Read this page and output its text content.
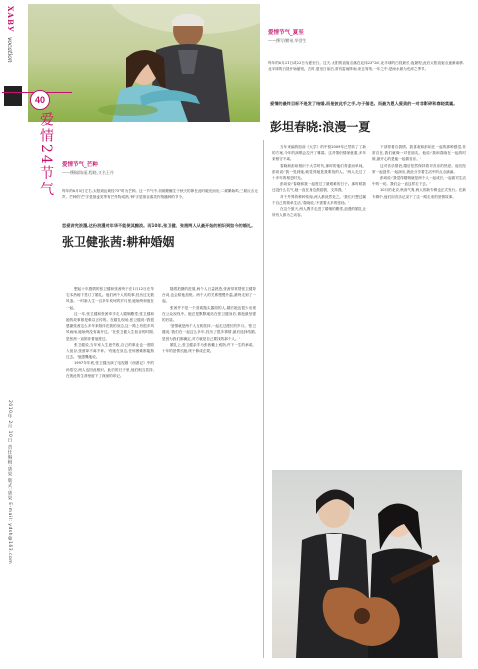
ХАВУ
vocation
40
爱情24节气
爱情节气_夏至
——撰写/鹏弟,华誉生
每年的6月21日或22日为夏至日。这天,太阳的直射点落在北纬23°26′,北半球的白昼最长,夜最短;此后太阳直射点逐渐南移,北半球的白昼开始缩短。古时,夏至日前后,常有雷雨阵雨,来去匆匆,一年之中,是雨水最为充沛之季节。
爱情的最终目标不是发了结婚,而是彼此手之手,与子偕老。而最为恩人爱美的一对非影碎和春晓莫属。
彭坦春晓:浪漫一夏
爱情节气_芒种
——撰稿/陈丽,程晓,又名王丹
每年的6月5日左右,太阳到达黄经75°时为芒种。这一节气中,初候螳螂生于秋天的卵在此时破壳而出;二候鵙始鸣;三候反舌无声。芒种的'芒'字是指麦类等有芒作物成熟,'种'字是指谷黍类作物播种的节令。
恋爱讲究浪漫,这份浪漫对年华不能使其黯淡。而10年,张卫健、张茜两人从最开始的相识到如今的婚礼。
张卫健张茜:耕种婚姻

想起十年感情的张卫健和张茜终于在1月12日在毕宅本热闹下签订了婚礼。他们两个人的故事,经历过无数风浪。一时新人生一百多年坎坷的岁月里,她始终和他在一起。

这一年,张卫健和张茜牵手走入婚姻殿堂,张卫健和她的故事都是难以言传的。在婚礼现场,张卫健说:'我很感谢张茜这么多年来陪伴在我的身边,这一路上有很多风风雨雨,她始终没有离开过。'在张卫健人生低谷的时期,是张茜一直陪伴着他度过。

张卫健说,当年家人生意失败,自己的事业也一度陷入低谷,张茜却不离不弃。'有她在身边,任何困难都能熬过去。'他感慨地说。

1997年年底,张卫健出演了电视剧《西游记》中的孙悟空,两人也因此相识。此后的日子里,他们相互扶持,在彼此的生命里留下了深深的印记。

随着拍摄的进展,两个人日益熟悉,张茜常常帮张卫健背台词,也会陪他加班。两个人的关系慢慢升温,最终走到了一起。

张茜并不是一个喜欢抛头露面的人,婚后她也很少出现在公众视线中。她总是默默地站在张卫健身后,做他最坚强的后盾。

'爱情就是两个人互相扶持,一起走过漫长的岁月。'张卫健说,'我们在一起这么多年,经历了很多事情,最后选择结婚,是因为我们都确定,对方就是自己要找的那个人。'

婚礼上,张卫健亲手为张茜戴上戒指,许下一生的承诺。十年的爱情长跑,终于修成正果。

当年来编的组前《大学》的中锐2009年已然转了了新的方案,今年的演唱会拉开了帷幕。这对情侣情深意重,多年来相守不离。

春晓和彭坦相识于大学时代,那时的他们青涩而单纯。彭坦说:'我一见到她,就觉得她是我要找的人。'两人走过了十多年的相恋时光。

彭坦说:'春晓和我一起度过了最艰难的日子。那时候我还没什么名气,她一直在身边鼓励我、支持我。'

对于外界的种种传闻,两人都淡然处之。'我们只想过属于自己的简单生活,'春晓说,'不需要太多的张扬。'

在这个夏天,两人携手走进了婚姻的殿堂,浪漫的婚礼让所有人都为之动容。

下部背着自我情。我喜欢和彭坦在一起的那种感觉,非常自在,我们就像一对老朋友。他说:'我和春晓在一起的时候,最开心的是能一起做音乐。'

这对音乐情侣,婚后依然保持着对音乐的热爱。他们经常一起创作,一起演出,彼此分享着生活中的点点滴滴。

彭坦说:'我觉得婚姻就是两个人一起成长,一起面对生活中的一切。我们会一直这样走下去。'

10月的北京,秋高气爽,两人的新专辑也正式发行。在新专辑中,他们用音乐记录下了这一路走来的爱情故事。

2010年 2月 10日 责任编辑:唐果 版式:唐果 E-mail: ydsh@163.com
